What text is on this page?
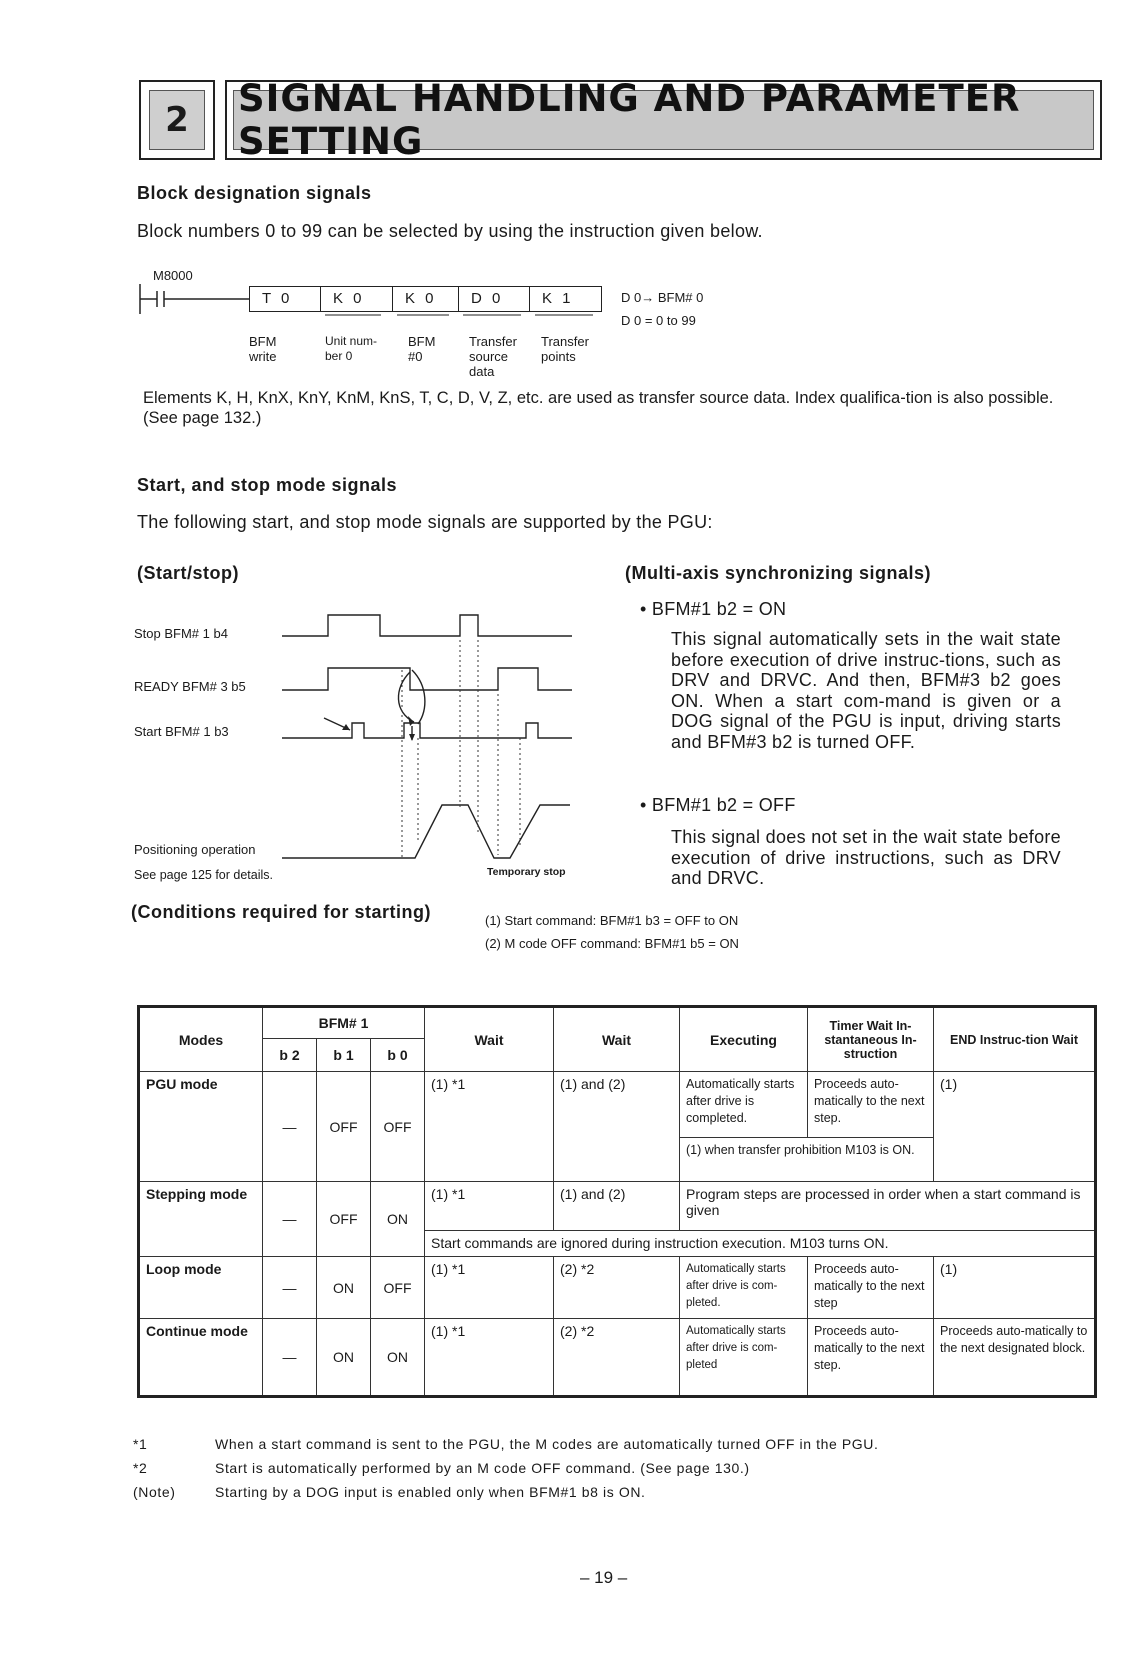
2	SIGNAL HANDLING AND PARAMETER SETTING
Block designation signals
Block numbers 0 to 99 can be selected by using the instruction given below.
M8000
T 0	K 0	K 0	D 0	K 1	D 0→ BFM# 0
D 0 = 0 to 99
BFM
write
Unit num-
ber 0
BFM
#0
Transfer
source
data
Transfer
points
Elements K, H, KnX, KnY, KnM, KnS, T, C, D, V, Z, etc. are used as transfer source data. Index qualifica-tion is also possible. (See page 132.)
Start, and stop mode signals
The following start, and stop mode signals are supported by the PGU:
(Start/stop)
Stop BFM# 1 b4
READY BFM# 3 b5
Start BFM# 1 b3
Positioning operation
See page 125 for details.	Temporary stop
(Multi-axis synchronizing signals)
• BFM#1 b2 = ON
This signal automatically sets in the wait state before execution of drive instruc-tions, such as DRV and DRVC. And then, BFM#3 b2 goes ON. When a start com-mand is given or a DOG signal of the PGU is input, driving starts and BFM#3 b2 is turned OFF.
• BFM#1 b2 = OFF
This signal does not set in the wait state before execution of drive instructions, such as DRV and DRVC.
(Conditions required for starting)	(1) Start command: BFM#1 b3 = OFF to ON
(2) M code OFF command: BFM#1 b5 = ON
Modes	BFM# 1			Wait	Wait	Executing	Timer Wait In-stantaneous In-struction	END Instruc-tion Wait
	b 2	b 1	b 0					
PGU mode	—	OFF	OFF	(1) *1	(1) and (2)	Automatically starts after drive is completed.	Proceeds auto-matically to the next step.	(1)
						(1) when transfer prohibition M103 is ON.		
Stepping mode	—	OFF	ON	(1) *1	(1) and (2)	Program steps are processed in order when a start command is given		
				Start commands are ignored during instruction execution. M103 turns ON.				
Loop mode	—	ON	OFF	(1) *1	(2) *2	Automatically starts after drive is com-pleted.	Proceeds auto-matically to the next step	(1)
Continue mode	—	ON	ON	(1) *1	(2) *2	Automatically starts after drive is com-pleted	Proceeds auto-matically to the next step.	Proceeds auto-matically to the next designated block.
*1	When a start command is sent to the PGU, the M codes are automatically turned OFF in the PGU.
*2	Start is automatically performed by an M code OFF command. (See page 130.)
(Note)	Starting by a DOG input is enabled only when BFM#1 b8 is ON.
– 19 –
